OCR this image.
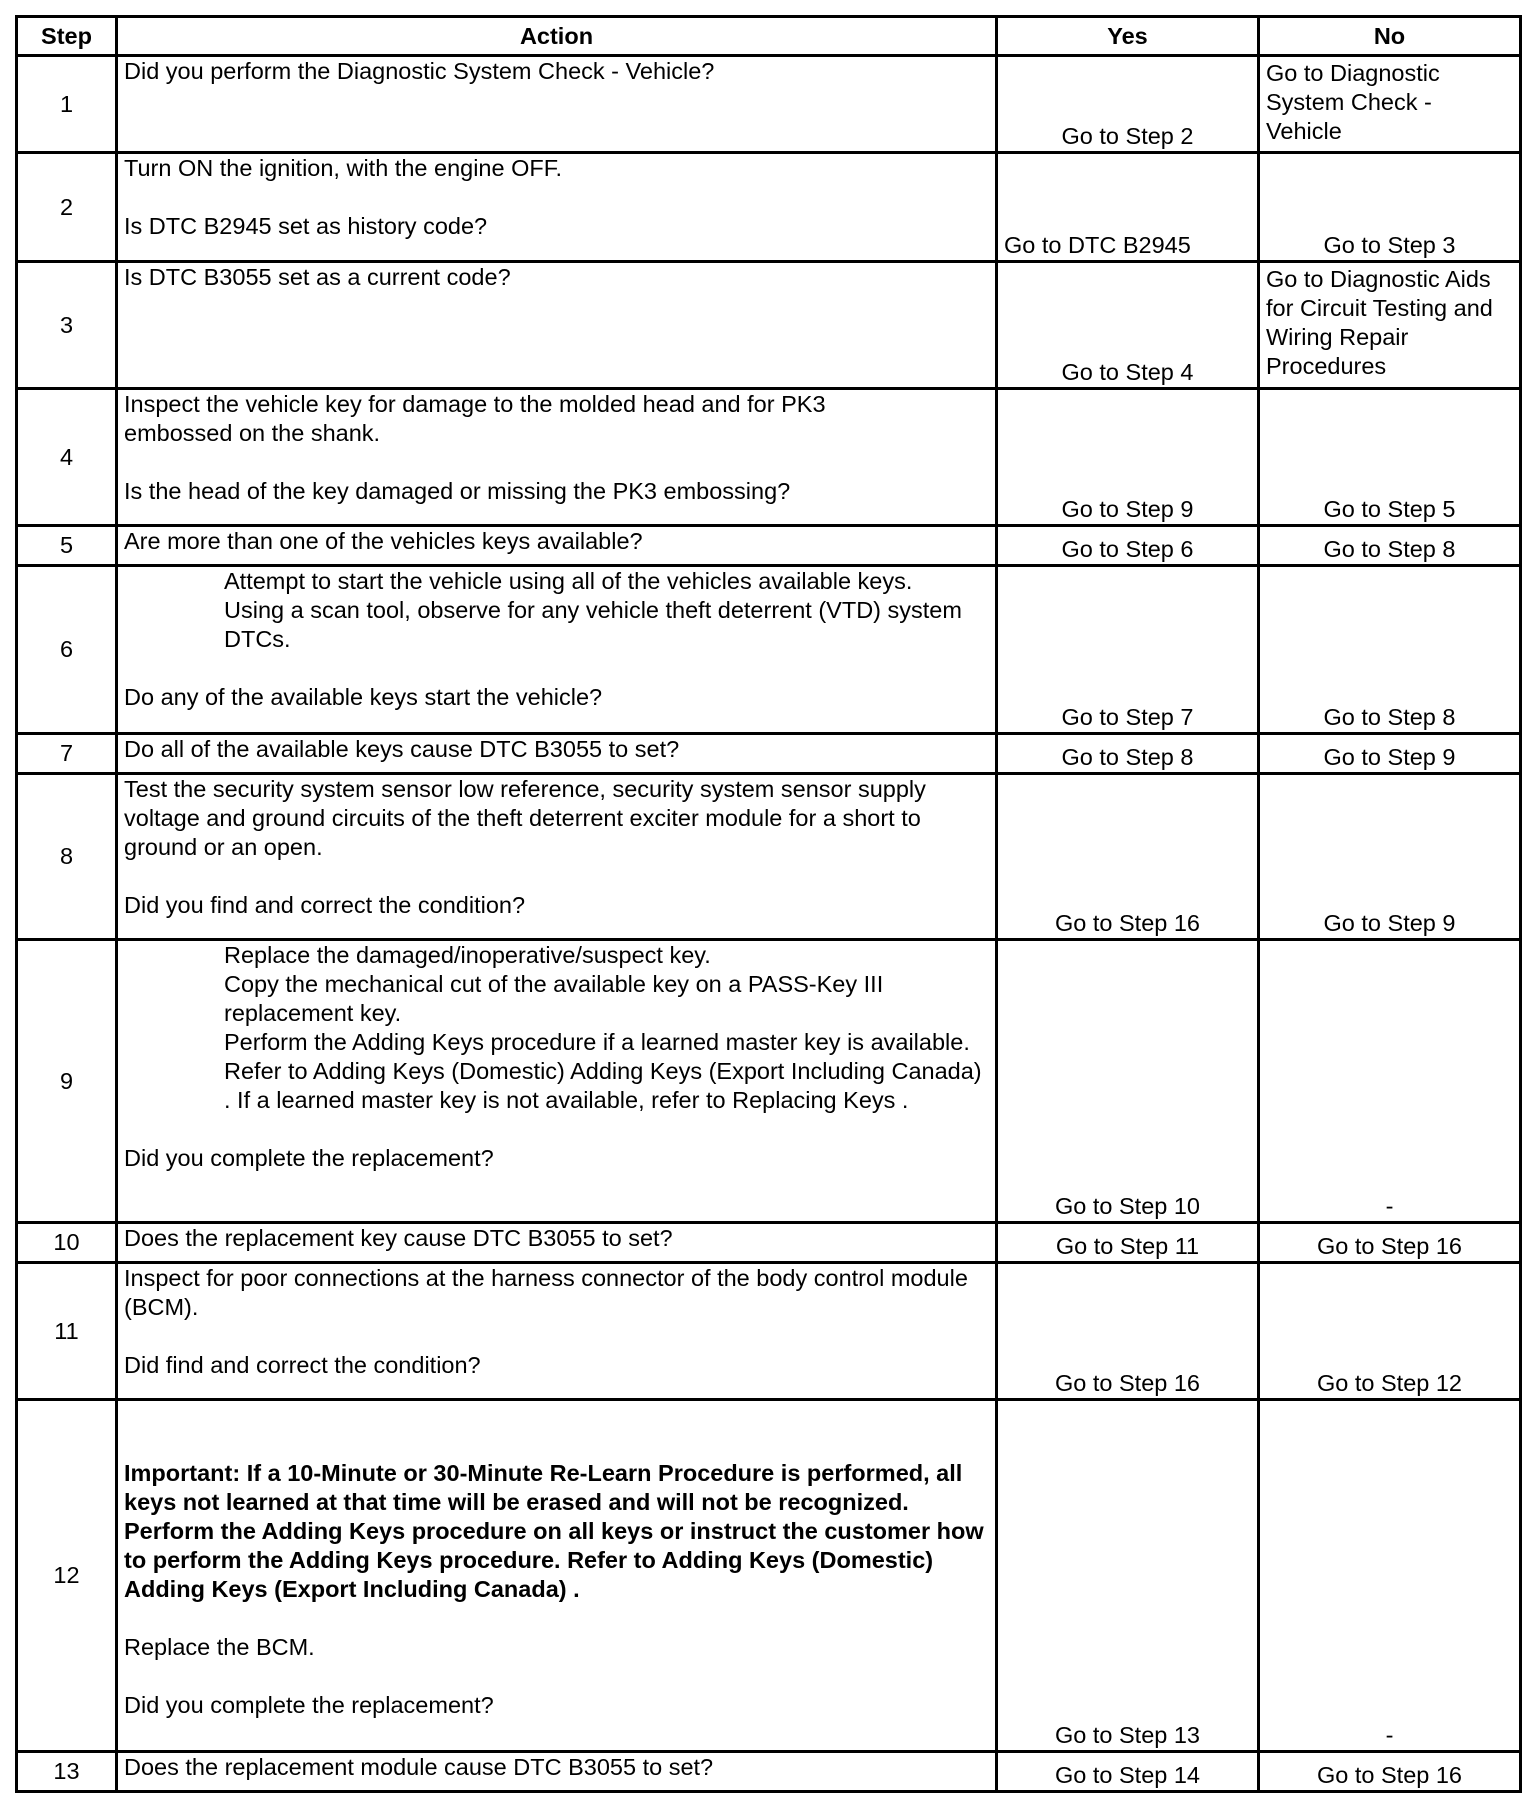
Step	Action	Yes	No
1	Did you perform the Diagnostic System Check - Vehicle?	Go to Step 2	Go to Diagnostic System Check - Vehicle
2	Turn ON the ignition, with the engine OFF.
Is DTC B2945 set as history code?	Go to DTC B2945	Go to Step 3
3	Is DTC B3055 set as a current code?	Go to Step 4	Go to Diagnostic Aids for Circuit Testing and Wiring Repair Procedures
4	Inspect the vehicle key for damage to the molded head and for PK3 embossed on the shank.
Is the head of the key damaged or missing the PK3 embossing?	Go to Step 9	Go to Step 5
5	Are more than one of the vehicles keys available?	Go to Step 6	Go to Step 8
6	Attempt to start the vehicle using all of the vehicles available keys.
Using a scan tool, observe for any vehicle theft deterrent (VTD) system DTCs.
Do any of the available keys start the vehicle?	Go to Step 7	Go to Step 8
7	Do all of the available keys cause DTC B3055 to set?	Go to Step 8	Go to Step 9
8	Test the security system sensor low reference, security system sensor supply voltage and ground circuits of the theft deterrent exciter module for a short to ground or an open.
Did you find and correct the condition?	Go to Step 16	Go to Step 9
9	Replace the damaged/inoperative/suspect key.
Copy the mechanical cut of the available key on a PASS-Key III replacement key.
Perform the Adding Keys procedure if a learned master key is available. Refer to Adding Keys (Domestic) Adding Keys (Export Including Canada) . If a learned master key is not available, refer to Replacing Keys .
Did you complete the replacement?	Go to Step 10	-
10	Does the replacement key cause DTC B3055 to set?	Go to Step 11	Go to Step 16
11	Inspect for poor connections at the harness connector of the body control module (BCM).
Did find and correct the condition?	Go to Step 16	Go to Step 12
12	Important: If a 10-Minute or 30-Minute Re-Learn Procedure is performed, all keys not learned at that time will be erased and will not be recognized. Perform the Adding Keys procedure on all keys or instruct the customer how to perform the Adding Keys procedure. Refer to Adding Keys (Domestic) Adding Keys (Export Including Canada) .
Replace the BCM.
Did you complete the replacement?	Go to Step 13	-
13	Does the replacement module cause DTC B3055 to set?	Go to Step 14	Go to Step 16
